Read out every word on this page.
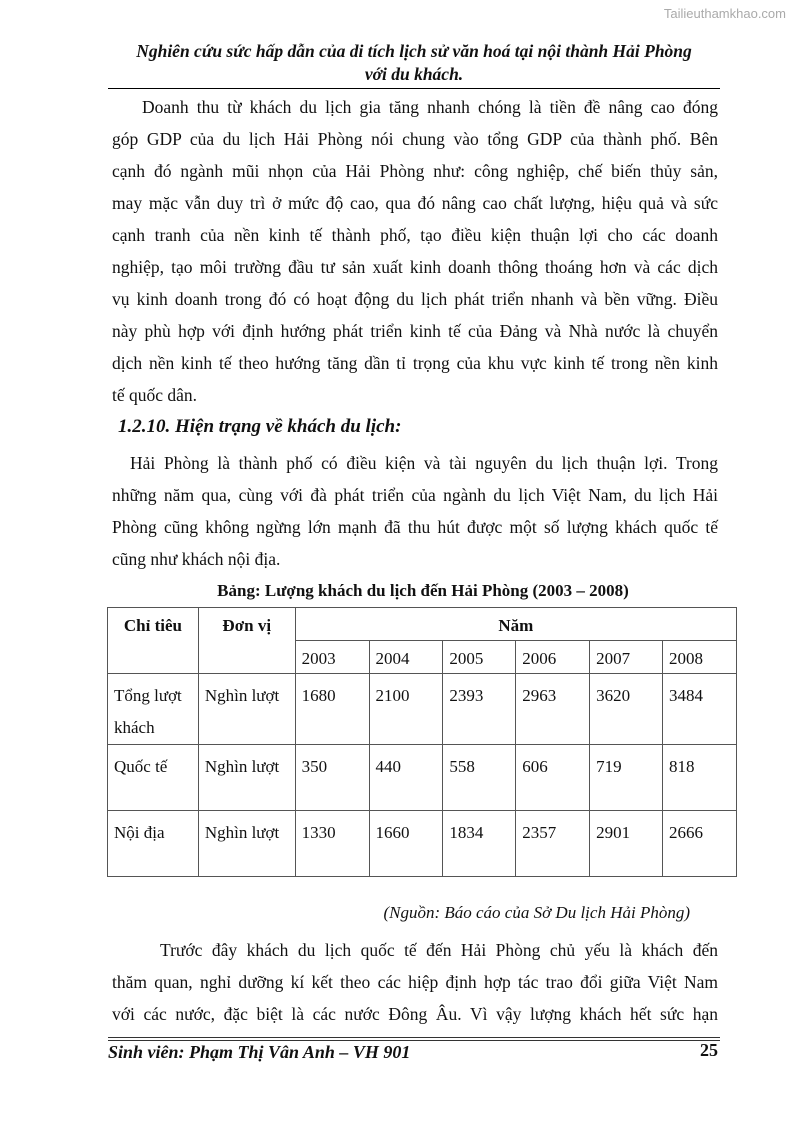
Tailieuthamkhao.com
Nghiên cứu sức hấp dẫn của di tích lịch sử văn hoá tại nội thành Hải Phòng
với du khách.
Doanh thu từ khách du lịch gia tăng nhanh chóng là tiền đề nâng cao đóng
góp GDP của du lịch Hải Phòng nói chung vào tổng GDP của thành phố. Bên
cạnh đó ngành mũi nhọn của Hải Phòng như: công nghiệp, chế biến thủy sản,
may mặc vẫn duy trì ở mức độ cao, qua đó nâng cao chất lượng, hiệu quả và sức
cạnh tranh của nền kinh tế thành phố, tạo điều kiện thuận lợi cho các doanh
nghiệp, tạo môi trường đầu tư sản xuất kinh doanh thông thoáng hơn và các dịch
vụ kinh doanh trong đó có hoạt động du lịch phát triển nhanh và bền vững. Điều
này phù hợp với định hướng phát triển kinh tế của Đảng và Nhà nước là chuyển
dịch nền kinh tế theo hướng tăng dần tỉ trọng của khu vực kinh tế trong nền kinh
tế quốc dân.
1.2.10. Hiện trạng về khách du lịch:
Hải Phòng là thành phố có điều kiện và tài nguyên du lịch thuận lợi. Trong
những năm qua, cùng với đà phát triển của ngành du lịch Việt Nam, du lịch Hải
Phòng cũng không ngừng lớn mạnh đã thu hút được một số lượng khách quốc tế
cũng như khách nội địa.
Bảng: Lượng khách du lịch đến Hải Phòng (2003 – 2008)
Chỉ tiêu	Đơn vị	Năm					
		2003	2004	2005	2006	2007	2008
Tổng lượt khách	Nghìn lượt	1680	2100	2393	2963	3620	3484
Quốc tế	Nghìn lượt	350	440	558	606	719	818
Nội địa	Nghìn lượt	1330	1660	1834	2357	2901	2666
(Nguồn: Báo cáo của Sở Du lịch Hải Phòng)
Trước đây khách du lịch quốc tế đến Hải Phòng chủ yếu là khách đến
thăm quan, nghỉ dưỡng kí kết theo các hiệp định hợp tác trao đổi giữa Việt Nam
với các nước, đặc biệt là các nước Đông Âu. Vì vậy lượng khách hết sức hạn
Sinh viên: Phạm Thị Vân Anh – VH 901	25
